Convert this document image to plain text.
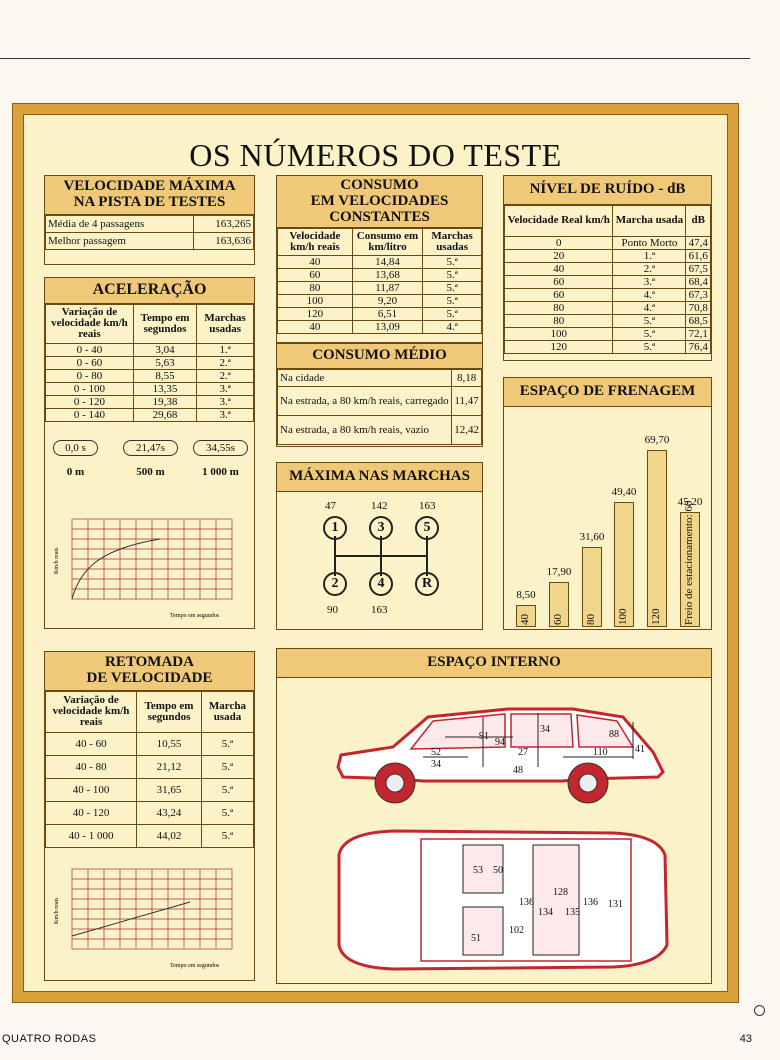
OS NÚMEROS DO TESTE
VELOCIDADE MÁXIMA
NA PISTA DE TESTES
Média de 4 passagens	163,265
Melhor passagem	163,636
ACELERAÇÃO
Variação de velocidade km/h reais	Tempo em segundos	Marchas usadas
0 - 40	3,04	1.ª
0 - 60	5,63	2.ª
0 - 80	8,55	2.ª
0 - 100	13,35	3.ª
0 - 120	19,38	3.ª
0 - 140	29,68	3.ª
0,0 s
0 m
21,47s
500 m
34,55s
1 000 m
Tempo em segundos
Km/h reais
CONSUMO
EM VELOCIDADES
CONSTANTES
Velocidade km/h reais	Consumo em km/litro	Marchas usadas
40	14,84	5.ª
60	13,68	5.ª
80	11,87	5.ª
100	9,20	5.ª
120	6,51	5.ª
40	13,09	4.ª
CONSUMO MÉDIO
Na cidade	8,18
Na estrada, a 80 km/h reais, carregado	11,47
Na estrada, a 80 km/h reais, vazio	12,42
NÍVEL DE RUÍDO - dB
Velocidade Real km/h	Marcha usada	dB
0	Ponto Morto	47,4
20	1.ª	61,6
40	2.ª	67,5
60	3.ª	68,4
60	4.ª	67,3
80	4.ª	70,8
80	5.ª	68,5
100	5.ª	72,1
120	5.ª	76,4
MÁXIMA NAS MARCHAS
47	142	163
1	3	5
2	4	R
90	163
ESPAÇO DE FRENAGEM
8,50
40
17,90
60
31,60
80
49,40
100
69,70
120
45,20
Freio de estacionamento: 60
RETOMADA
DE VELOCIDADE
Variação de velocidade km/h reais	Tempo em segundos	Marcha usada
40 - 60	10,55	5.ª
40 - 80	21,12	5.ª
40 - 100	31,65	5.ª
40 - 120	43,24	5.ª
40 - 1 000	44,02	5.ª
Tempo em segundos
Km/h reais
ESPAÇO INTERNO
91
94
34	88
41
52
34
27
48
110
53 50
51
102
136
134
128
135
136 131
QUATRO RODAS	43
